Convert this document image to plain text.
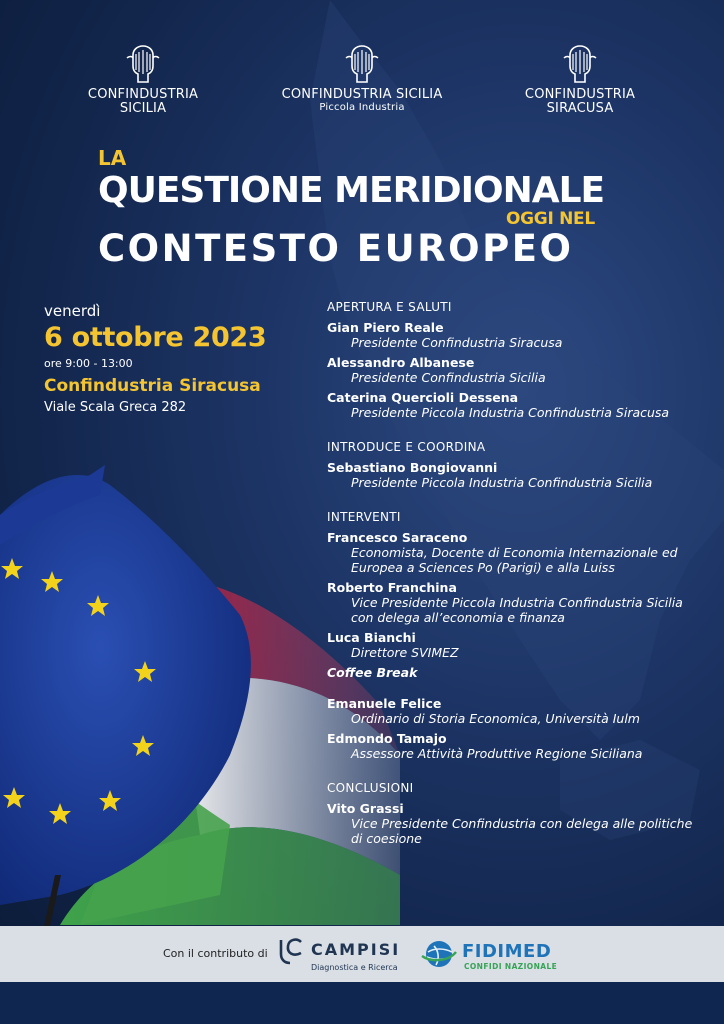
CONFINDUSTRIA
SICILIA
CONFINDUSTRIA SICILIA
Piccola Industria
CONFINDUSTRIA
SIRACUSA
LA
QUESTIONE MERIDIONALE
OGGI NEL
CONTESTO EUROPEO
venerdì
6 ottobre 2023
ore 9:00 - 13:00
Confindustria Siracusa
Viale Scala Greca 282
APERTURA E SALUTI
Gian Piero Reale
Presidente Confindustria Siracusa
Alessandro Albanese
Presidente Confindustria Sicilia
Caterina Quercioli Dessena
Presidente Piccola Industria Confindustria Siracusa
INTRODUCE E COORDINA
Sebastiano Bongiovanni
Presidente Piccola Industria Confindustria Sicilia
INTERVENTI
Francesco Saraceno
Economista, Docente di Economia Internazionale ed Europea a Sciences Po (Parigi) e alla Luiss
Roberto Franchina
Vice Presidente Piccola Industria Confindustria Sicilia con delega all’economia e finanza
Luca Bianchi
Direttore SVIMEZ
Coffee Break
Emanuele Felice
Ordinario di Storia Economica, Università Iulm
Edmondo Tamajo
Assessore Attività Produttive Regione Siciliana
CONCLUSIONI
Vito Grassi
Vice Presidente Confindustria con delega alle politiche di coesione
Con il contributo di	CAMPISI
Diagnostica e Ricerca
FIDIMED
CONFIDI NAZIONALE
